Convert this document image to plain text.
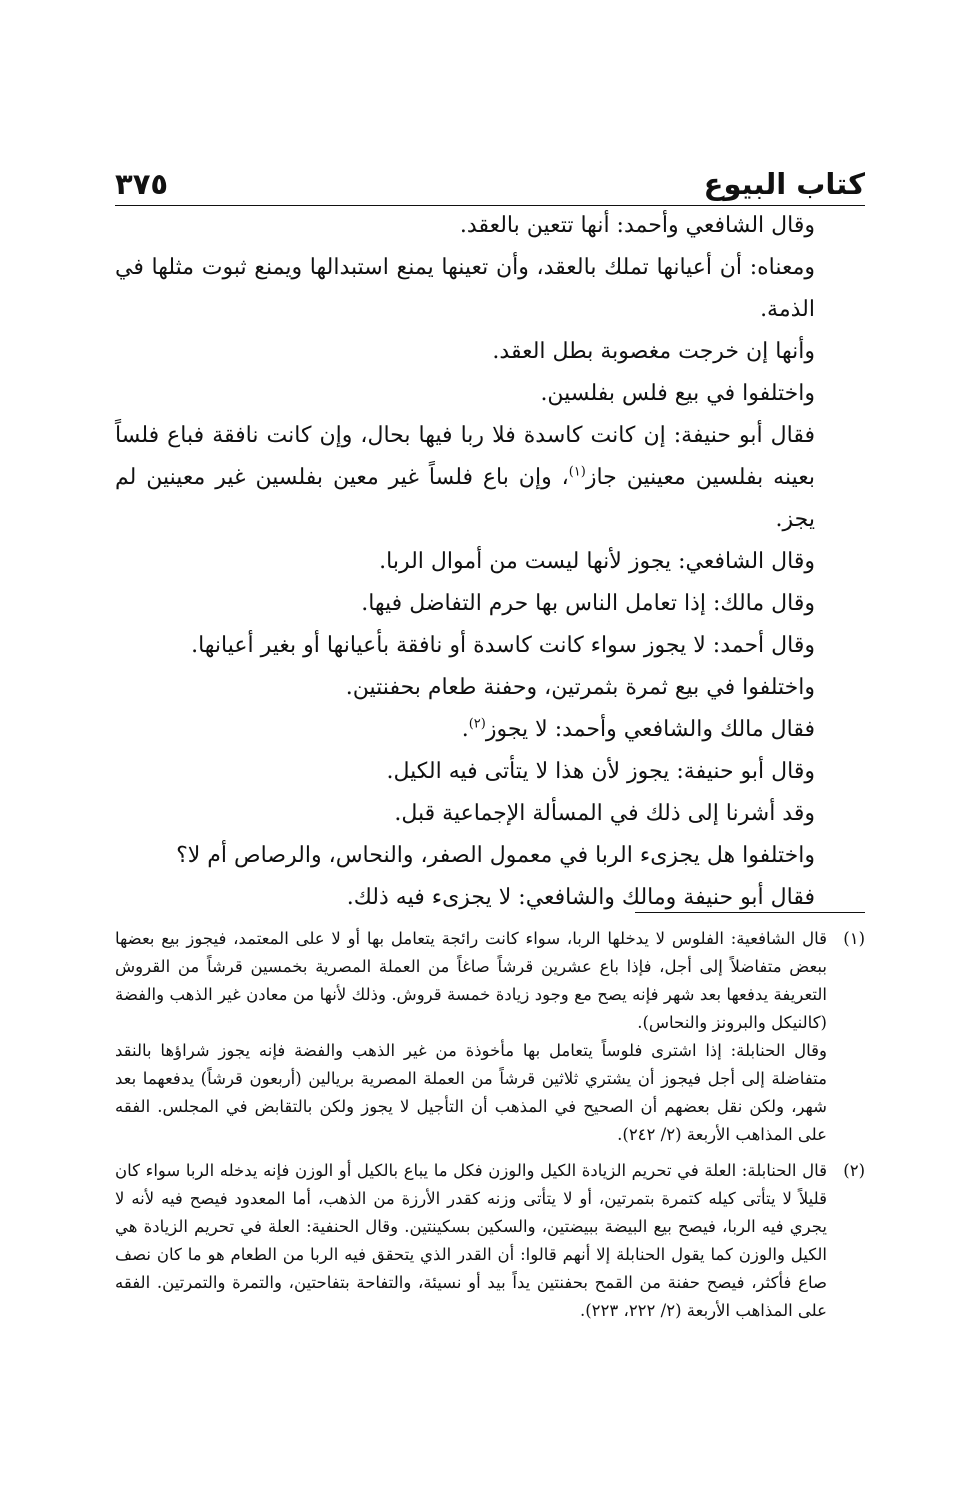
كتاب البيوع
٣٧٥

وقال الشافعي وأحمد: أنها تتعين بالعقد.

ومعناه: أن أعيانها تملك بالعقد، وأن تعينها يمنع استبدالها ويمنع ثبوت مثلها في الذمة.

وأنها إن خرجت مغصوبة بطل العقد.

واختلفوا في بيع فلس بفلسين.

فقال أبو حنيفة: إن كانت كاسدة فلا ربا فيها بحال، وإن كانت نافقة فباع فلساً بعينه بفلسين معينين جاز$^{(١)}$، وإن باع فلساً غير معين بفلسين غير معينين لم يجز.

وقال الشافعي: يجوز لأنها ليست من أموال الربا.

وقال مالك: إذا تعامل الناس بها حرم التفاضل فيها.

وقال أحمد: لا يجوز سواء كانت كاسدة أو نافقة بأعيانها أو بغير أعيانها.

واختلفوا في بيع ثمرة بثمرتين، وحفنة طعام بحفنتين.

فقال مالك والشافعي وأحمد: لا يجوز$^{(٢)}$.

وقال أبو حنيفة: يجوز لأن هذا لا يتأتى فيه الكيل.

وقد أشرنا إلى ذلك في المسألة الإجماعية قبل.

واختلفوا هل يجزىء الربا في معمول الصفر، والنحاس، والرصاص أم لا؟

فقال أبو حنيفة ومالك والشافعي: لا يجزىء فيه ذلك.

(١)

قال الشافعية: الفلوس لا يدخلها الربا، سواء كانت رائجة يتعامل بها أو لا على المعتمد، فيجوز بيع بعضها ببعض متفاضلاً إلى أجل، فإذا باع عشرين قرشاً صاغاً من العملة المصرية بخمسين قرشاً من القروش التعريفة يدفعها بعد شهر فإنه يصح مع وجود زيادة خمسة قروش. وذلك لأنها من معادن غير الذهب والفضة (كالنيكل والبرونز والنحاس).

وقال الحنابلة: إذا اشترى فلوساً يتعامل بها مأخوذة من غير الذهب والفضة فإنه يجوز شراؤها بالنقد متفاضلة إلى أجل فيجوز أن يشتري ثلاثين قرشاً من العملة المصرية بريالين (أربعون قرشاً) يدفعهما بعد شهر، ولكن نقل بعضهم أن الصحيح في المذهب أن التأجيل لا يجوز ولكن بالتقابض في المجلس. الفقه على المذاهب الأربعة (٢/ ٢٤٢).

(٢)

قال الحنابلة: العلة في تحريم الزيادة الكيل والوزن فكل ما يباع بالكيل أو الوزن فإنه يدخله الربا سواء كان قليلاً لا يتأتى كيله كتمرة بتمرتين، أو لا يتأتى وزنه كقدر الأرزة من الذهب، أما المعدود فيصح فيه لأنه لا يجري فيه الربا، فيصح بيع البيضة ببيضتين، والسكين بسكينتين. وقال الحنفية: العلة في تحريم الزيادة هي الكيل والوزن كما يقول الحنابلة إلا أنهم قالوا: أن القدر الذي يتحقق فيه الربا من الطعام هو ما كان نصف صاع فأكثر، فيصح حفنة من القمح بحفنتين يداً بيد أو نسيئة، والتفاحة بتفاحتين، والتمرة والتمرتين. الفقه على المذاهب الأربعة (٢/ ٢٢٢، ٢٢٣).
